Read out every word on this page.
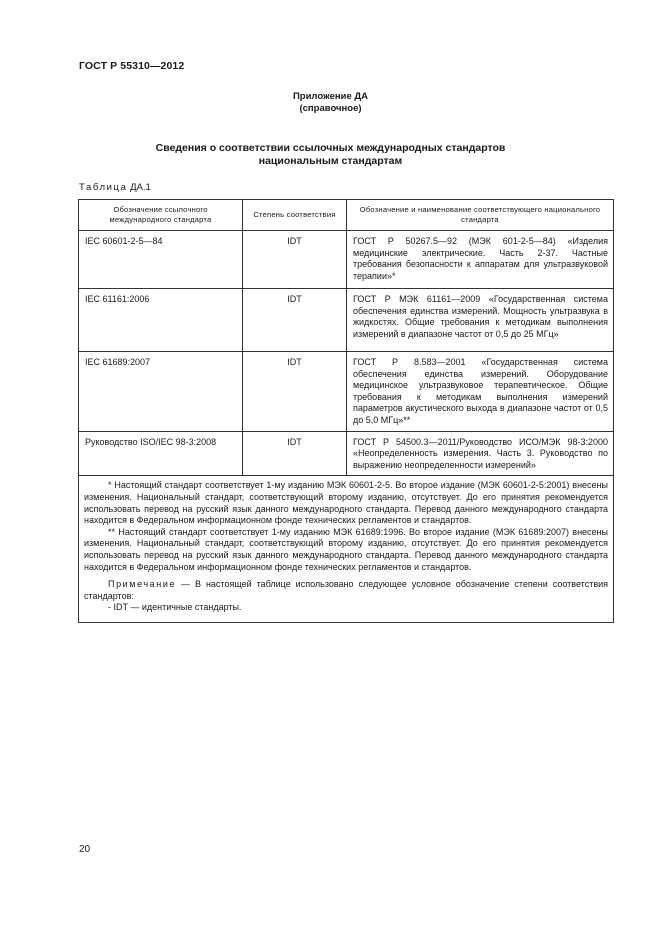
ГОСТ Р 55310—2012
Приложение ДА
(справочное)
Сведения о соответствии ссылочных международных стандартов
национальным стандартам
Таблица ДА.1
Обозначение ссылочного международного стандарта	Степень соответствия	Обозначение и наименование соответствующего национального стандарта
IEC 60601-2-5—84	IDT	ГОСТ Р 50267.5—92 (МЭК 601-2-5—84) «Изделия медицинские электрические. Часть 2-37. Частные требования безопасности к аппаратам для ультразвуковой терапии»*
IEC 61161:2006	IDT	ГОСТ Р МЭК 61161—2009 «Государственная система обеспечения единства измерений. Мощность ультразвука в жидкостях. Общие требования к методикам выполнения измерений в диапазоне частот от 0,5 до 25 МГц»
IEC 61689:2007	IDT	ГОСТ Р 8.583—2001 «Государственная система обеспечения единства измерений. Оборудование медицинское ультразвуковое терапевтическое. Общие требования к методикам выполнения измерений параметров акустического выхода в диапазоне частот от 0,5 до 5,0 МГц»**
Руководство ISO/IEC 98-3:2008	IDT	ГОСТ Р 54500.3—2011/Руководство ИСО/МЭК 98-3:2000 «Неопределенность измерения. Часть 3. Руководство по выражению неопределенности измерений»

* Настоящий стандарт соответствует 1-му изданию МЭК 60601-2-5. Во второе издание (МЭК 60601-2-5:2001) внесены изменения. Национальный стандарт, соответствующий второму изданию, отсутствует. До его принятия рекомендуется использовать перевод на русский язык данного международного стандарта. Перевод данного международного стандарта находится в Федеральном информационном фонде технических регламентов и стандартов.

** Настоящий стандарт соответствует 1-му изданию МЭК 61689:1996. Во второе издание (МЭК 61689:2007) внесены изменения. Национальный стандарт, соответствующий второму изданию, отсутствует. До его принятия рекомендуется использовать перевод на русский язык данного международного стандарта. Перевод данного международного стандарта находится в Федеральном информационном фонде технических регламентов и стандартов.

Примечание — В настоящей таблице использовано следующее условное обозначение степени соответствия стандартов:

- IDT — идентичные стандарты.		

20
